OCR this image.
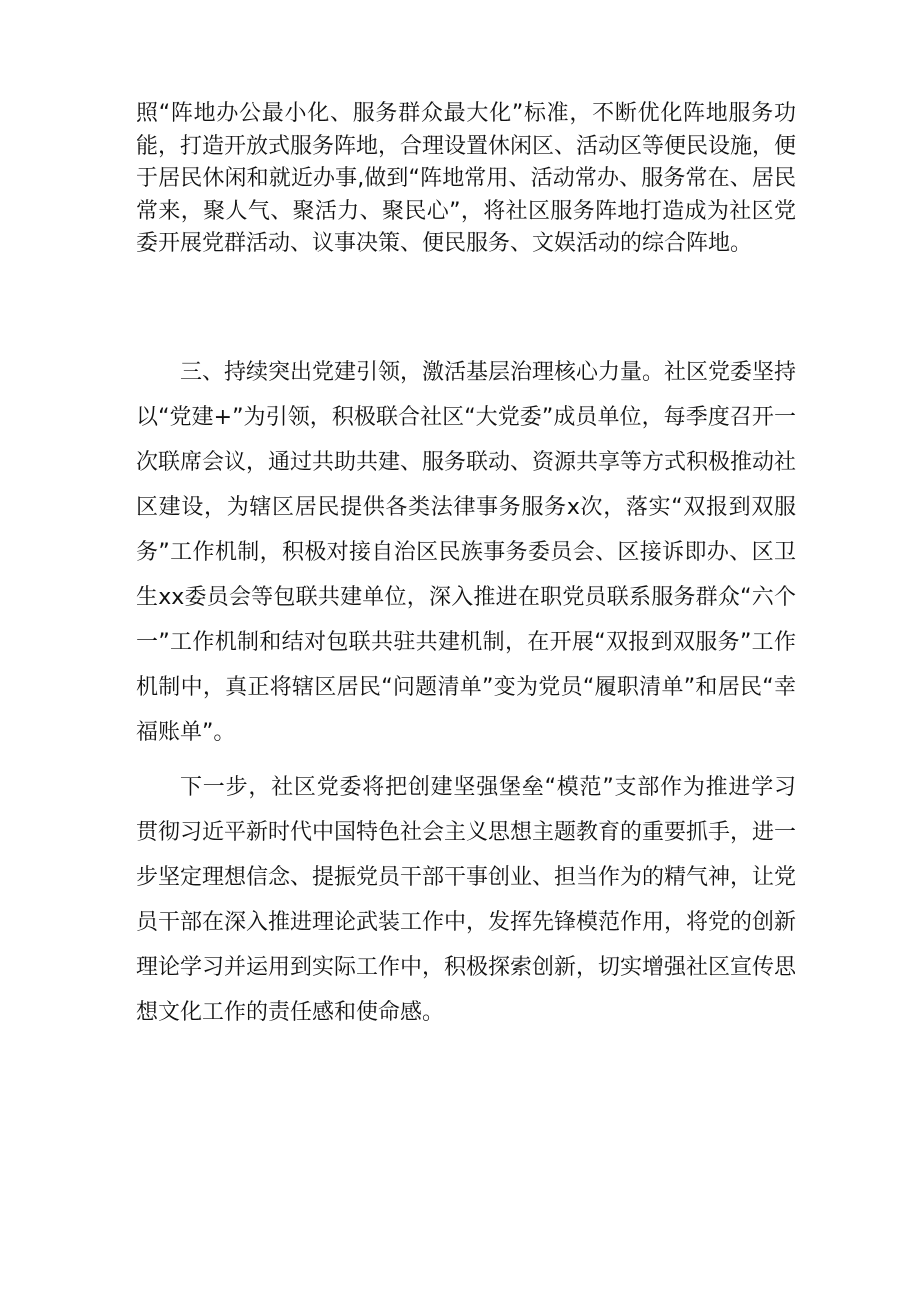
照“阵地办公最小化、服务群众最大化”标准，不断优化阵地服务功能，打造开放式服务阵地，合理设置休闲区、活动区等便民设施，便于居民休闲和就近办事,做到“阵地常用、活动常办、服务常在、居民常来，聚人气、聚活力、聚民心”，将社区服务阵地打造成为社区党委开展党群活动、议事决策、便民服务、文娱活动的综合阵地。

三、持续突出党建引领，激活基层治理核心力量。社区党委坚持以“党建+”为引领，积极联合社区“大党委”成员单位，每季度召开一次联席会议，通过共助共建、服务联动、资源共享等方式积极推动社区建设，为辖区居民提供各类法律事务服务x次，落实“双报到双服务”工作机制，积极对接自治区民族事务委员会、区接诉即办、区卫生xx委员会等包联共建单位，深入推进在职党员联系服务群众“六个一”工作机制和结对包联共驻共建机制，在开展“双报到双服务”工作机制中，真正将辖区居民“问题清单”变为党员“履职清单”和居民“幸福账单”。

下一步，社区党委将把创建坚强堡垒“模范”支部作为推进学习贯彻习近平新时代中国特色社会主义思想主题教育的重要抓手，进一步坚定理想信念、提振党员干部干事创业、担当作为的精气神，让党员干部在深入推进理论武装工作中，发挥先锋模范作用，将党的创新理论学习并运用到实际工作中，积极探索创新，切实增强社区宣传思想文化工作的责任感和使命感。
